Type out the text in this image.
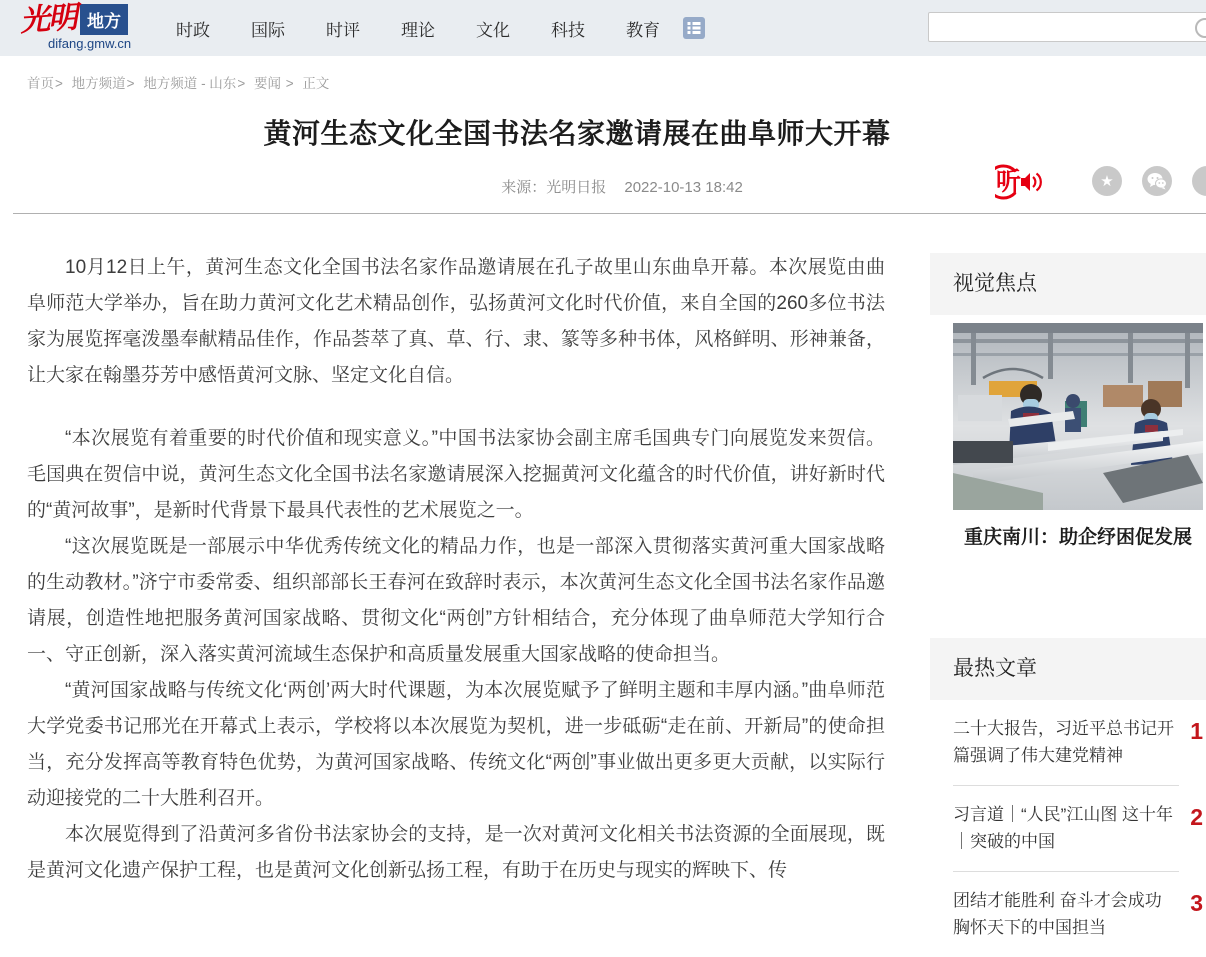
光明 地方
difang.gmw.cn
时政 国际 时评 理论 文化 科技 教育
首页> 地方频道> 地方频道 - 山东> 要闻 > 正文
黄河生态文化全国书法名家邀请展在曲阜师大开幕
来源：光明日报 2022-10-13 18:42	听	★

10月12日上午，黄河生态文化全国书法名家作品邀请展在孔子故里山东曲阜开幕。本次展览由曲阜师范大学举办，旨在助力黄河文化艺术精品创作，弘扬黄河文化时代价值，来自全国的260多位书法家为展览挥毫泼墨奉献精品佳作，作品荟萃了真、草、行、隶、篆等多种书体，风格鲜明、形神兼备，让大家在翰墨芬芳中感悟黄河文脉、坚定文化自信。

“本次展览有着重要的时代价值和现实意义。”中国书法家协会副主席毛国典专门向展览发来贺信。毛国典在贺信中说，黄河生态文化全国书法名家邀请展深入挖掘黄河文化蕴含的时代价值，讲好新时代的“黄河故事”，是新时代背景下最具代表性的艺术展览之一。

“这次展览既是一部展示中华优秀传统文化的精品力作，也是一部深入贯彻落实黄河重大国家战略的生动教材。”济宁市委常委、组织部部长王春河在致辞时表示，本次黄河生态文化全国书法名家作品邀请展，创造性地把服务黄河国家战略、贯彻文化“两创”方针相结合，充分体现了曲阜师范大学知行合一、守正创新，深入落实黄河流域生态保护和高质量发展重大国家战略的使命担当。

“黄河国家战略与传统文化‘两创’两大时代课题，为本次展览赋予了鲜明主题和丰厚内涵。”曲阜师范大学党委书记邢光在开幕式上表示，学校将以本次展览为契机，进一步砥砺“走在前、开新局”的使命担当，充分发挥高等教育特色优势，为黄河国家战略、传统文化“两创”事业做出更多更大贡献，以实际行动迎接党的二十大胜利召开。

本次展览得到了沿黄河多省份书法家协会的支持，是一次对黄河文化相关书法资源的全面展现，既是黄河文化遗产保护工程，也是黄河文化创新弘扬工程，有助于在历史与现实的辉映下、传

视觉焦点
重庆南川：助企纾困促发展
最热文章
二十大报告，习近平总书记开篇强调了伟大建党精神
1
习言道｜“人民”江山图 这十年｜突破的中国
2
团结才能胜利 奋斗才会成功 胸怀天下的中国担当
3
